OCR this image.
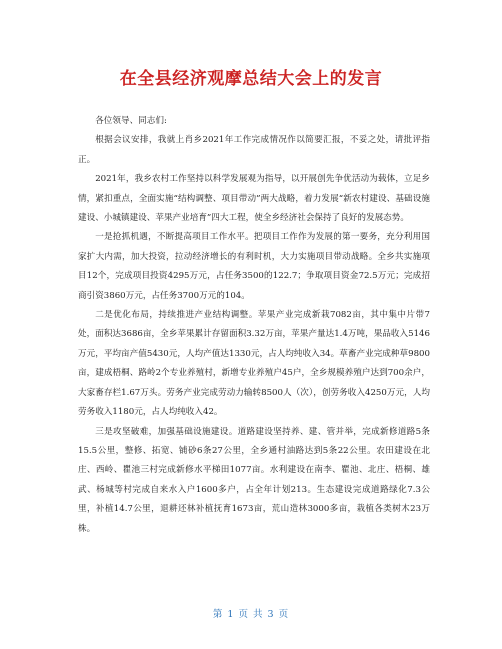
在全县经济观摩总结大会上的发言

各位领导、同志们:

根据会议安排，我就上肖乡2021年工作完成情况作以简要汇报，不妥之处，请批评指正。

2021年，我乡农村工作坚持以科学发展观为指导，以开展创先争优活动为载体，立足乡情，紧扣重点，全面实施“结构调整、项目带动”两大战略，着力发展“新农村建设、基础设施建设、小城镇建设、苹果产业培育”四大工程，使全乡经济社会保持了良好的发展态势。

一是抢抓机遇，不断提高项目工作水平。把项目工作作为发展的第一要务，充分利用国家扩大内需，加大投资，拉动经济增长的有利时机，大力实施项目带动战略。全乡共实施项目12个，完成项目投资4295万元，占任务3500的122.7；争取项目资金72.5万元；完成招商引资3860万元，占任务3700万元的104。

二是优化布局，持续推进产业结构调整。苹果产业完成新栽7082亩，其中集中片带7处，面积达3686亩，全乡苹果累计存留面积3.32万亩，苹果产量达1.4万吨，果品收入5146万元，平均亩产值5430元，人均产值达1330元，占人均纯收入34。草畜产业完成种草9800亩，建成梧桐、路岭2个专业养殖村，新增专业养殖户45户，全乡规模养殖户达到700余户，大家畜存栏1.67万头。劳务产业完成劳动力输转8500人（次），创劳务收入4250万元，人均劳务收入1180元，占人均纯收入42。

三是攻坚破难，加强基础设施建设。道路建设坚持养、建、管并举，完成新修道路5条15.5公里，整修、拓宽、铺砂6条27公里，全乡通村油路达到5条22公里。农田建设在北庄、西岭、瞿池三村完成新修水平梯田1077亩。水利建设在南李、瞿池、北庄、梧桐、雄武、杨城等村完成自来水入户1600多户，占全年计划213。生态建设完成道路绿化7.3公里，补植14.7公里，退耕还林补植抚育1673亩，荒山造林3000多亩，栽植各类树木23万株。

第 1 页 共 3 页
